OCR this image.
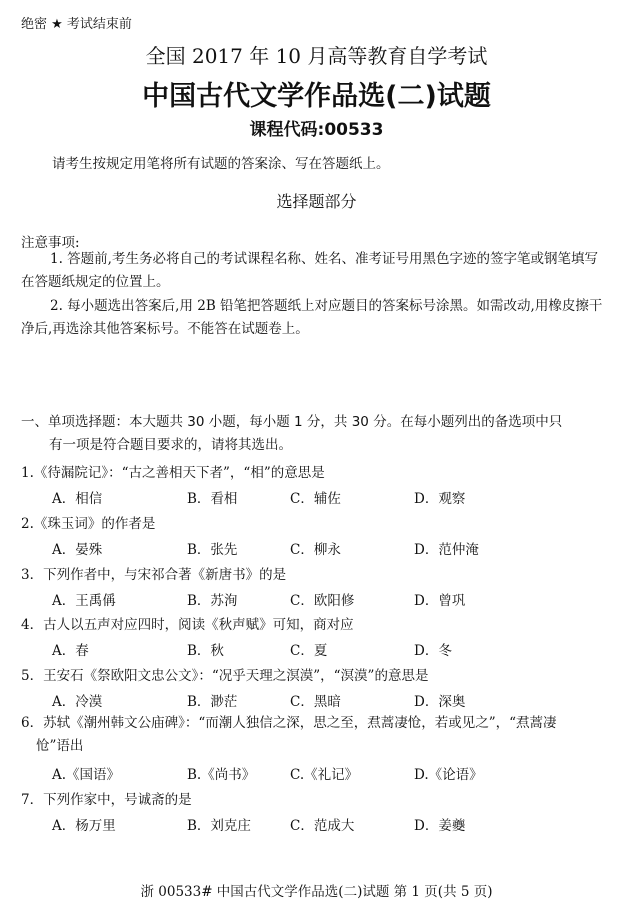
绝密 ★ 考试结束前
全国 2017 年 10 月高等教育自学考试
中国古代文学作品选(二)试题
课程代码:00533
请考生按规定用笔将所有试题的答案涂、写在答题纸上。
选择题部分
注意事项:
1. 答题前,考生务必将自己的考试课程名称、姓名、准考证号用黑色字迹的签字笔或钢笔填写在答题纸规定的位置上。
2. 每小题选出答案后,用 2B 铅笔把答题纸上对应题目的答案标号涂黑。如需改动,用橡皮擦干净后,再选涂其他答案标号。不能答在试题卷上。
一、单项选择题：本大题共 30 小题，每小题 1 分，共 30 分。在每小题列出的备选项中只
有一项是符合题目要求的，请将其选出。
1.《待漏院记》：“古之善相天下者”，“相”的意思是
A．相信	B．看相	C．辅佐	D．观察
2.《珠玉词》的作者是
A．晏殊	B．张先	C．柳永	D．范仲淹
3．下列作者中，与宋祁合著《新唐书》的是
A．王禹偁	B．苏洵	C．欧阳修	D．曾巩
4．古人以五声对应四时，阅读《秋声赋》可知，商对应
A．春	B．秋	C．夏	D．冬
5．王安石《祭欧阳文忠公文》：“况乎天理之溟漠”，“溟漠”的意思是
A．冷漠	B．渺茫	C．黑暗	D．深奥
6．苏轼《潮州韩文公庙碑》：“而潮人独信之深，思之至，焄蒿凄怆，若或见之”，“焄蒿凄
怆”语出
A.《国语》	B.《尚书》	C.《礼记》	D.《论语》
7．下列作家中，号诚斋的是
A．杨万里	B．刘克庄	C．范成大	D．姜夔
浙 00533# 中国古代文学作品选(二)试题 第 1 页(共 5 页)
